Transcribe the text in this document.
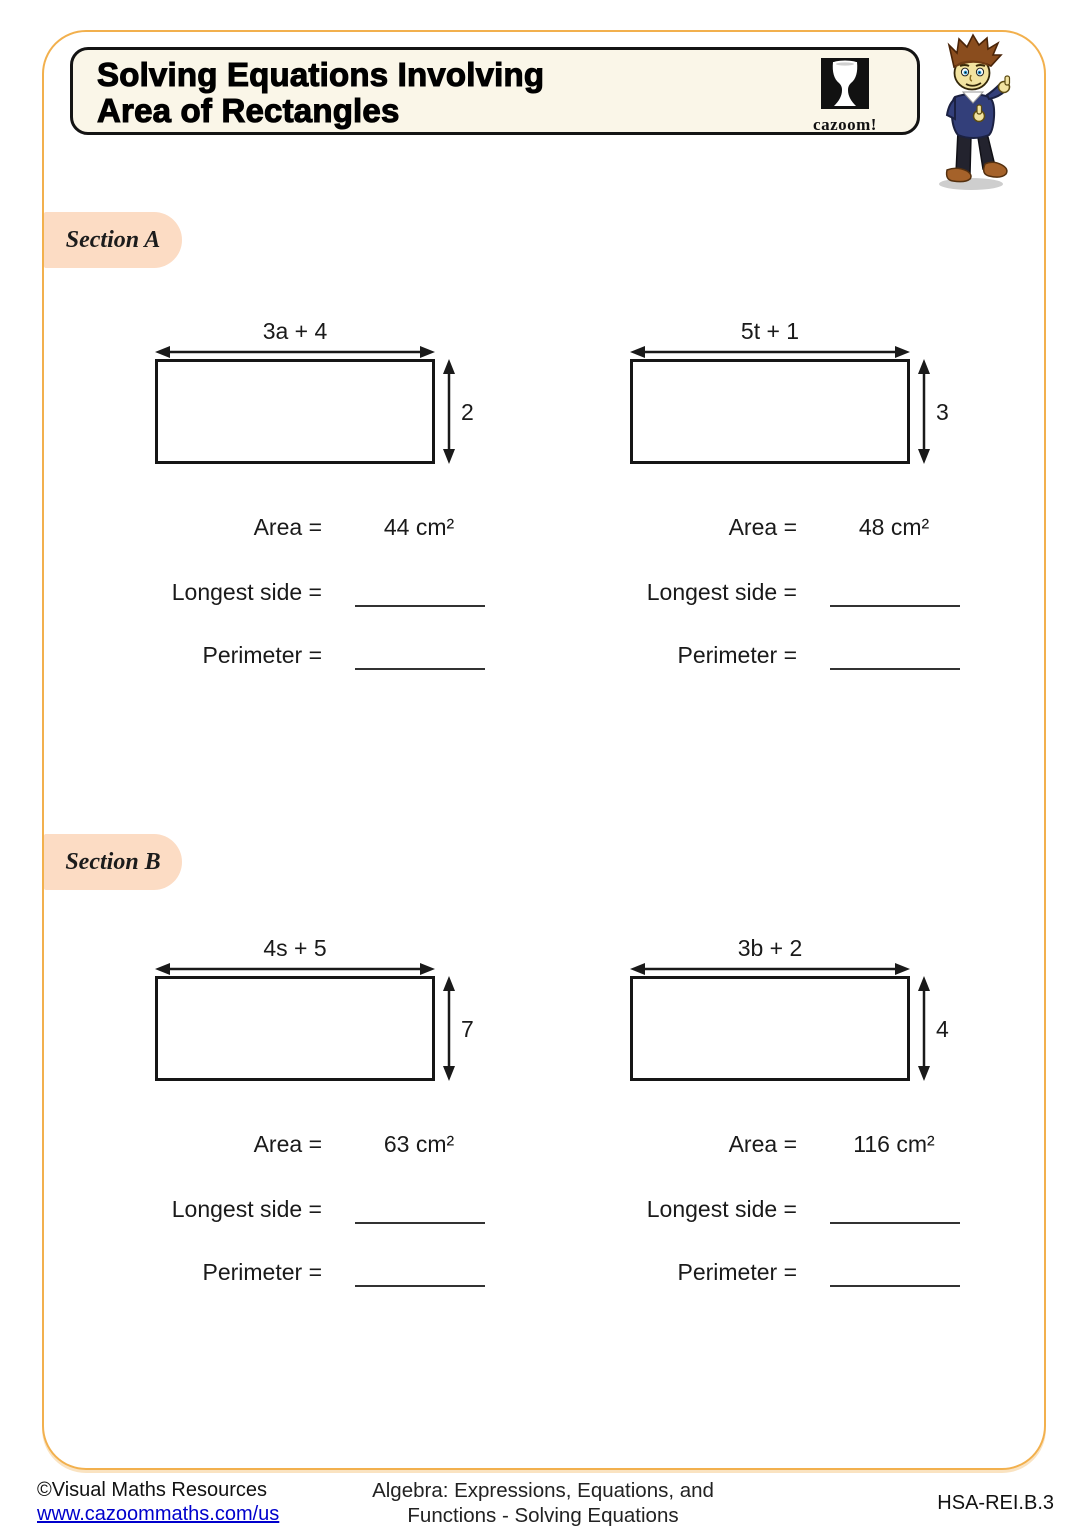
Solving Equations Involving
Area of Rectangles	cazoom!
Section A
3a + 4
2
Area =	44 cm²
Longest side =
Perimeter =
5t + 1
3
Area =	48 cm²
Longest side =
Perimeter =
Section B
4s + 5
7
Area =	63 cm²
Longest side =
Perimeter =
3b + 2
4
Area =	116 cm²
Longest side =
Perimeter =
©Visual Maths Resources
www.cazoommaths.com/us
Algebra: Expressions, Equations, and
Functions - Solving Equations
HSA-REI.B.3
